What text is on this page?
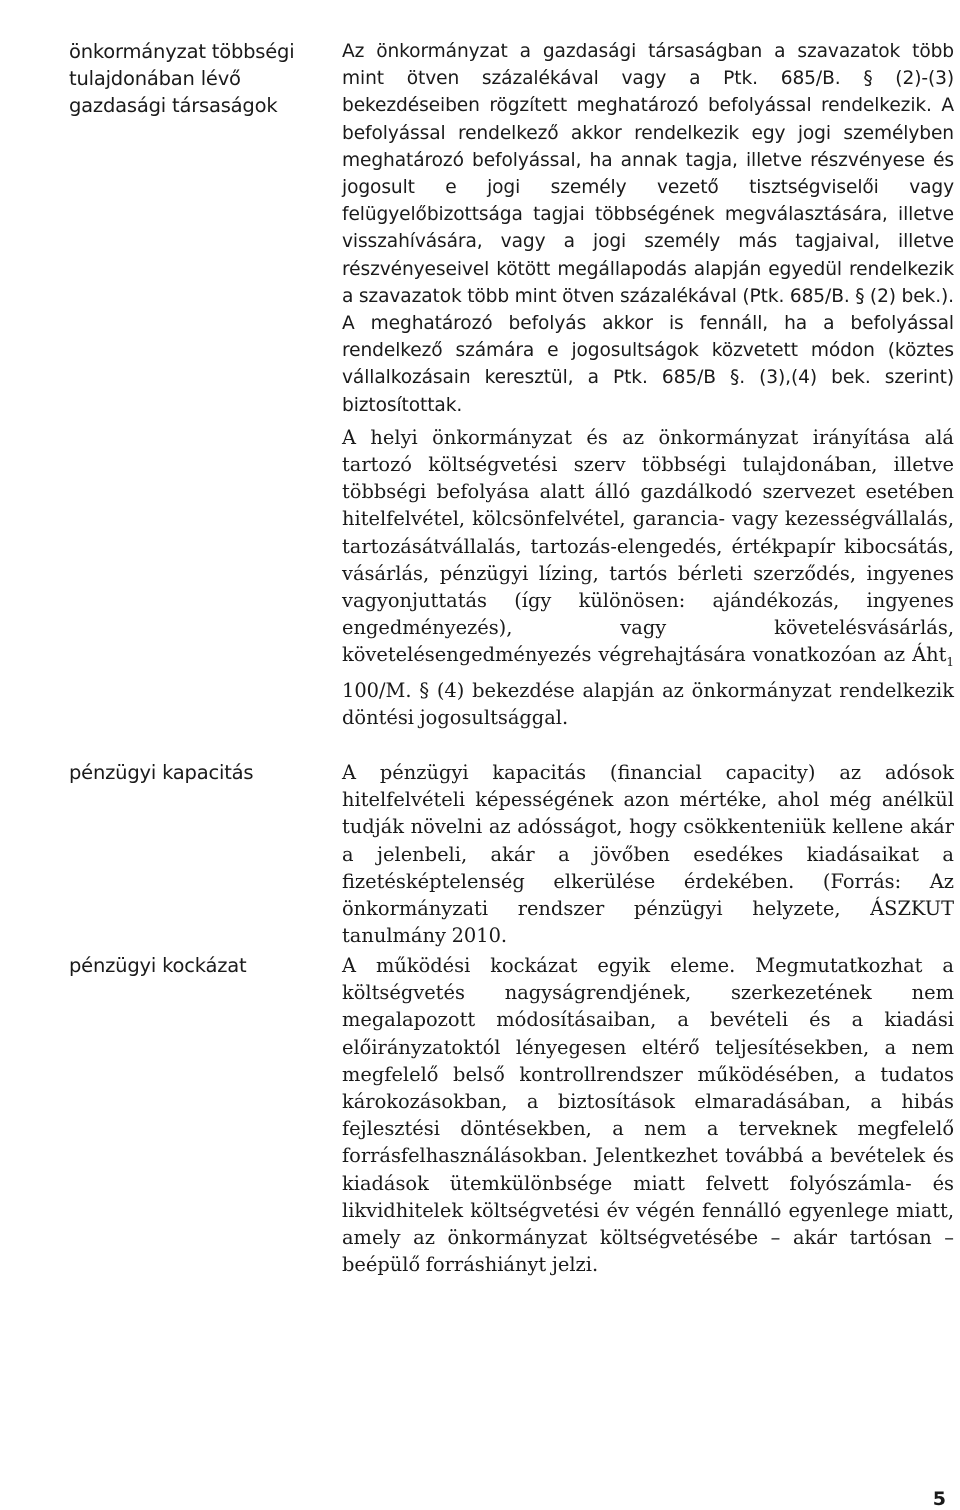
önkormányzat többségi tulajdonában lévő gazdasági társaságok

Az önkormányzat a gazdasági társaságban a szavazatok több mint ötven százalékával vagy a Ptk. 685/B. § (2)-(3) bekezdéseiben rögzített meghatározó befolyással rendelkezik. A befolyással rendelkező akkor rendelkezik egy jogi személyben meghatározó befolyással, ha annak tagja, illetve részvényese és jogosult e jogi személy vezető tisztségviselői vagy felügyelőbizottsága tagjai többségének megválasztására, illetve visszahívására, vagy a jogi személy más tagjaival, illetve részvényeseivel kötött megállapodás alapján egyedül rendelkezik a szavazatok több mint ötven százalékával (Ptk. 685/B. § (2) bek.). A meghatározó befolyás akkor is fennáll, ha a befolyással rendelkező számára e jogosultságok közvetett módon (köztes vállalkozásain keresztül, a Ptk. 685/B §. (3),(4) bek. szerint) biztosítottak.

A helyi önkormányzat és az önkormányzat irányítása alá tartozó költségvetési szerv többségi tulajdonában, illetve többségi befolyása alatt álló gazdálkodó szervezet esetében hitelfelvétel, kölcsönfelvétel, garancia- vagy kezességvállalás, tartozásátvállalás, tartozás-elengedés, értékpapír kibocsátás, vásárlás, pénzügyi lízing, tartós bérleti szerződés, ingyenes vagyonjuttatás (így különösen: ajándékozás, ingyenes engedményezés), vagy követelésvásárlás, követelésengedményezés végrehajtására vonatkozóan az Áht$_1$ 100/M. § (4) bekezdése alapján az önkormányzat rendelkezik döntési jogosultsággal.

pénzügyi kapacitás	A pénzügyi kapacitás (financial capacity) az adósok hitelfelvételi képességének azon mértéke, ahol még anélkül tudják növelni az adósságot, hogy csökkenteniük kellene akár a jelenbeli, akár a jövőben esedékes kiadásaikat a fizetésképtelenség elkerülése érdekében. (Forrás: Az önkormányzati rendszer pénzügyi helyzete, ÁSZKUT tanulmány 2010.

pénzügyi kockázat	A működési kockázat egyik eleme. Megmutatkozhat a költségvetés nagyságrendjének, szerkezetének nem megalapozott módosításaiban, a bevételi és a kiadási előirányzatoktól lényegesen eltérő teljesítésekben, a nem megfelelő belső kontrollrendszer működésében, a tudatos károkozásokban, a biztosítások elmaradásában, a hibás fejlesztési döntésekben, a nem a terveknek megfelelő forrásfelhasználásokban. Jelentkezhet továbbá a bevételek és kiadások ütemkülönbsége miatt felvett folyószámla- és likvidhitelek költségvetési év végén fennálló egyenlege miatt, amely az önkormányzat költségvetésébe – akár tartósan – beépülő forráshiányt jelzi.

5
